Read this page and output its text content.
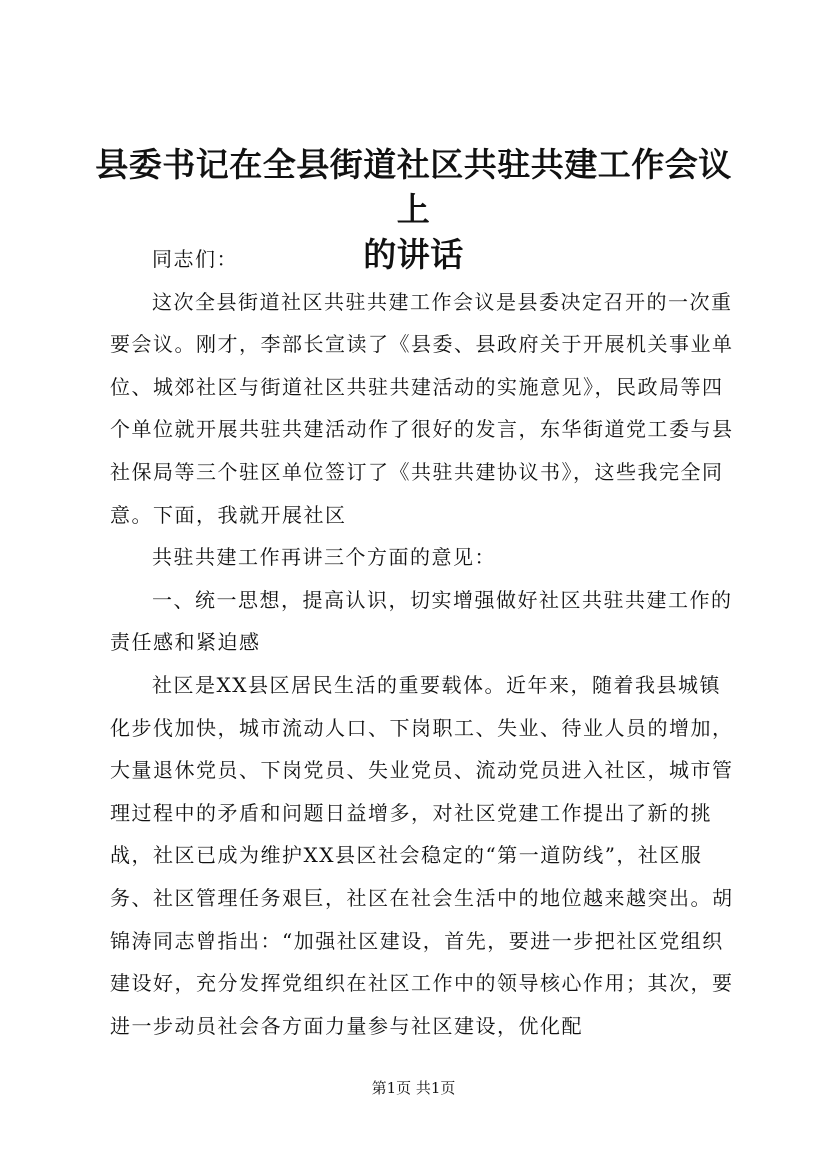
县委书记在全县街道社区共驻共建工作会议上
的讲话

同志们：

这次全县街道社区共驻共建工作会议是县委决定召开的一次重要会议。刚才，李部长宣读了《县委、县政府关于开展机关事业单位、城郊社区与街道社区共驻共建活动的实施意见》，民政局等四个单位就开展共驻共建活动作了很好的发言，东华街道党工委与县社保局等三个驻区单位签订了《共驻共建协议书》，这些我完全同意。下面，我就开展社区

共驻共建工作再讲三个方面的意见：

一、统一思想，提高认识，切实增强做好社区共驻共建工作的责任感和紧迫感

社区是XX县区居民生活的重要载体。近年来，随着我县城镇化步伐加快，城市流动人口、下岗职工、失业、待业人员的增加，大量退休党员、下岗党员、失业党员、流动党员进入社区，城市管理过程中的矛盾和问题日益增多，对社区党建工作提出了新的挑战，社区已成为维护XX县区社会稳定的“第一道防线”，社区服务、社区管理任务艰巨，社区在社会生活中的地位越来越突出。胡锦涛同志曾指出：“加强社区建设，首先，要进一步把社区党组织建设好，充分发挥党组织在社区工作中的领导核心作用；其次，要进一步动员社会各方面力量参与社区建设，优化配

第1页 共1页
